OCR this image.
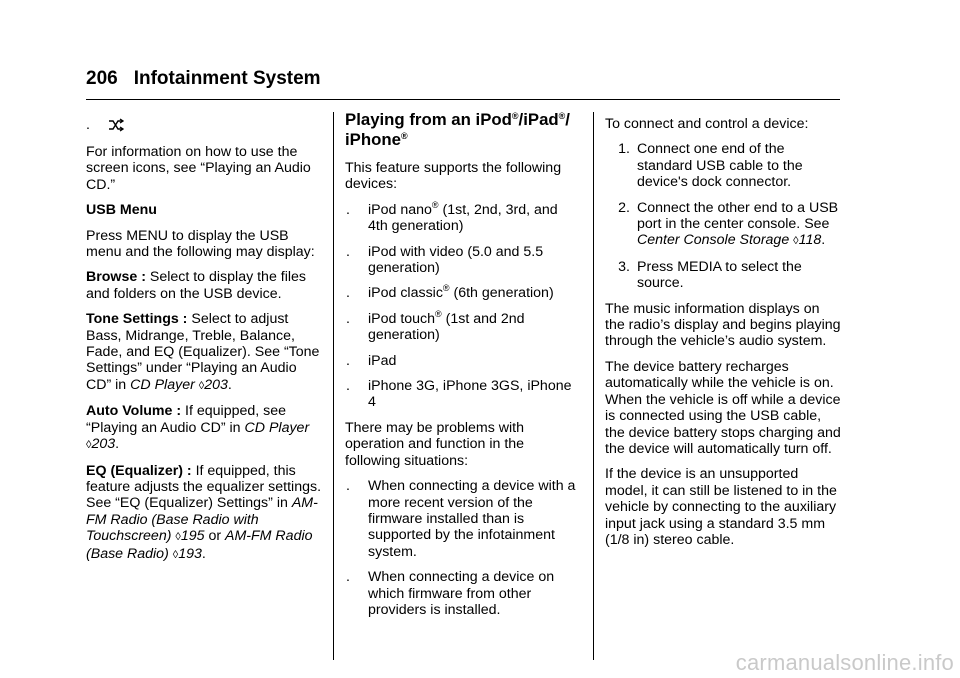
206 Infotainment System
.

For information on how to use the screen icons, see “Playing an Audio CD.”

USB Menu

Press MENU to display the USB menu and the following may display:

Browse : Select to display the files and folders on the USB device.

Tone Settings : Select to adjust Bass, Midrange, Treble, Balance, Fade, and EQ (Equalizer). See “Tone Settings” under “Playing an Audio CD” in CD Player ◊203.

Auto Volume : If equipped, see “Playing an Audio CD” in CD Player ◊203.

EQ (Equalizer) : If equipped, this feature adjusts the equalizer settings. See “EQ (Equalizer) Settings” in AM-FM Radio (Base Radio with Touchscreen) ◊195 or AM-FM Radio (Base Radio) ◊193.

Playing from an iPod®/iPad®/
iPhone®

This feature supports the following devices:

.	iPod nano® (1st, 2nd, 3rd, and 4th generation)
.	iPod with video (5.0 and 5.5 generation)
.	iPod classic® (6th generation)
.	iPod touch® (1st and 2nd generation)
.	iPad
.	iPhone 3G, iPhone 3GS, iPhone 4

There may be problems with operation and function in the following situations:

.	When connecting a device with a more recent version of the firmware installed than is supported by the infotainment system.
.	When connecting a device on which firmware from other providers is installed.

To connect and control a device:

1. Connect one end of the standard USB cable to the device's dock connector.
2. Connect the other end to a USB port in the center console. See Center Console Storage ◊118.
3. Press MEDIA to select the source.

The music information displays on the radio’s display and begins playing through the vehicle’s audio system.

The device battery recharges automatically while the vehicle is on. When the vehicle is off while a device is connected using the USB cable, the device battery stops charging and the device will automatically turn off.

If the device is an unsupported model, it can still be listened to in the vehicle by connecting to the auxiliary input jack using a standard 3.5 mm (1/8 in) stereo cable.

carmanualsonline.info
